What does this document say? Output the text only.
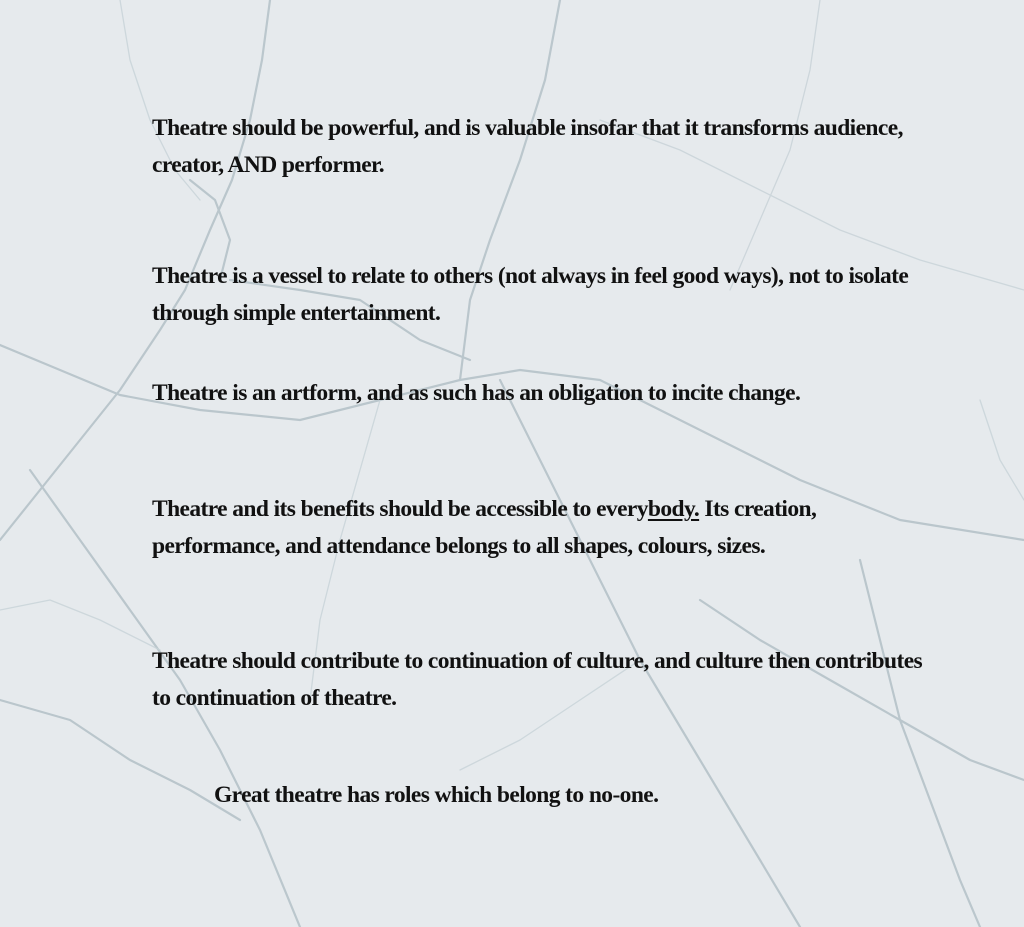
Theatre should be powerful, and is valuable insofar that it transforms audience, creator, AND performer.

Theatre is a vessel to relate to others (not always in feel good ways), not to isolate through simple entertainment.

Theatre is an artform, and as such has an obligation to incite change.

Theatre and its benefits should be accessible to everybody. Its creation, performance, and attendance belongs to all shapes, colours, sizes.

Theatre should contribute to continuation of culture, and culture then contributes to continuation of theatre.

Great theatre has roles which belong to no-one.
